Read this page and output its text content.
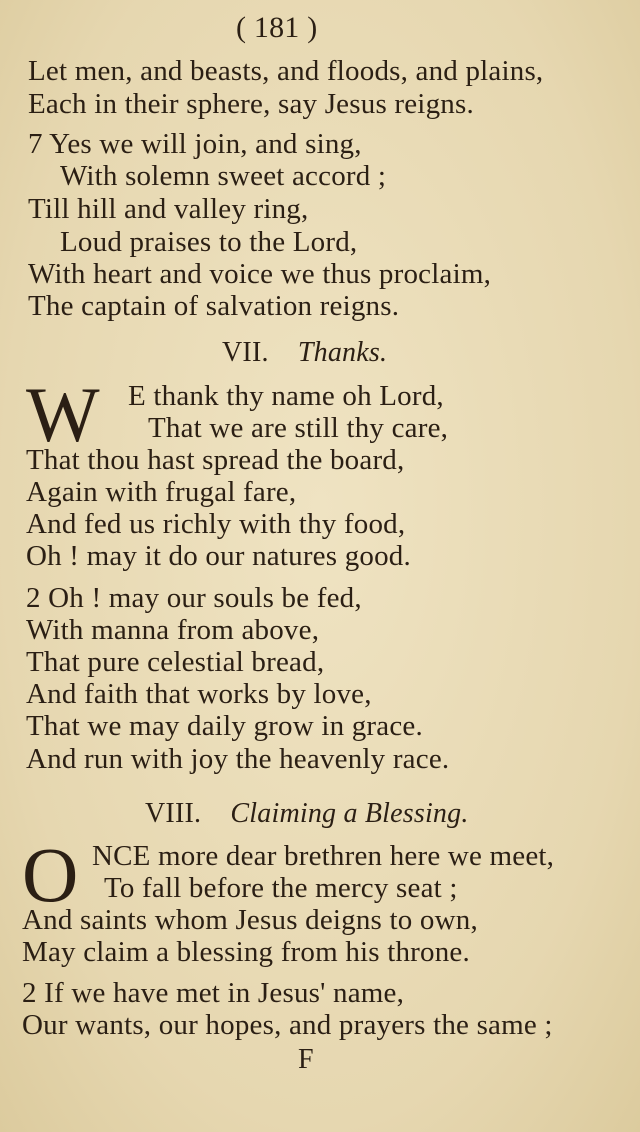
( 181 )
Let men, and beasts, and floods, and plains,
Each in their sphere, say Jesus reigns.
7 Yes we will join, and sing,
With solemn sweet accord ;
Till hill and valley ring,
Loud praises to the Lord,
With heart and voice we thus proclaim,
The captain of salvation reigns.
VII. Thanks.
W E thank thy name oh Lord,
That we are still thy care,
That thou hast spread the board,
Again with frugal fare,
And fed us richly with thy food,
Oh ! may it do our natures good.
2 Oh ! may our souls be fed,
With manna from above,
That pure celestial bread,
And faith that works by love,
That we may daily grow in grace.
And run with joy the heavenly race.
VIII. Claiming a Blessing.
O NCE more dear brethren here we meet,
To fall before the mercy seat ;
And saints whom Jesus deigns to own,
May claim a blessing from his throne.
2 If we have met in Jesus' name,
Our wants, our hopes, and prayers the same ;
F
